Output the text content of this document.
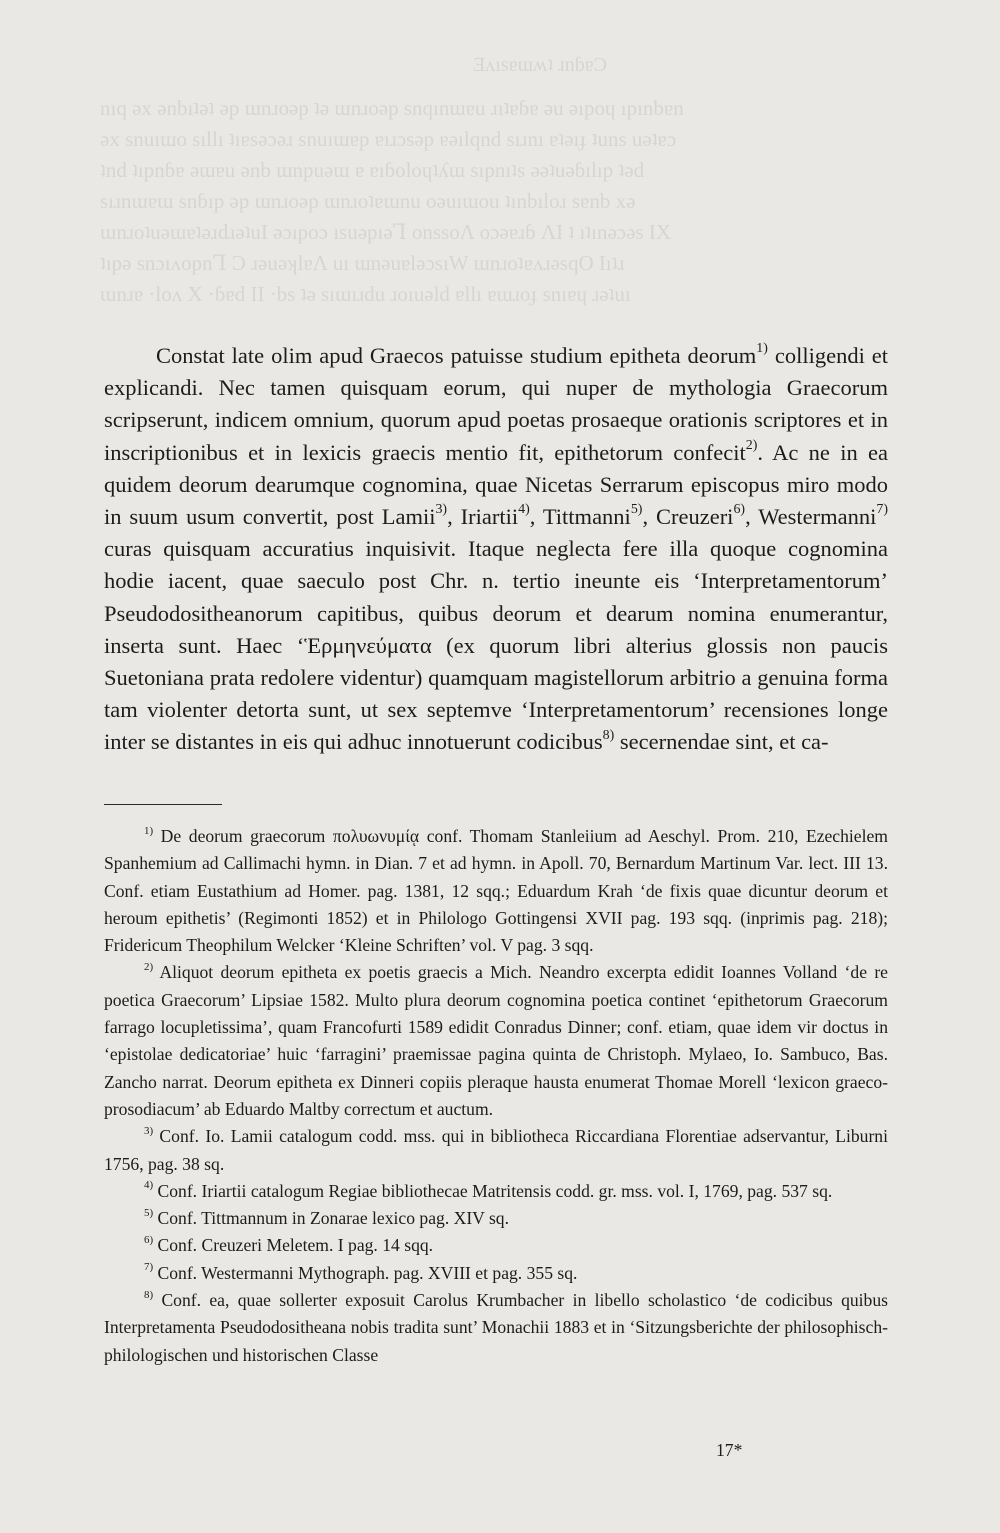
Ǝʌısɐɯʍʇ ɹnɓɐϽ
nıq ǝx ǝnbıʇǝʇ ǝp ɯnɹoǝp ʇǝ ɯnɹoǝp snqınɯɐu ɹıʇɐɓɐ ǝu ǝıpoɥ ıpınbɐn
ǝx snuıɯo sıllı ʇıɐsǝɔǝɹ snuıɯɐp ɐıɹɔsǝp ɐǝılqnd sıɹnı ɐʇǝıɟ ʇuns uǝʇɐɔ
ʇnd ʇıpnɓɐ ǝɯɐu ǝnb ɯnpuǝɯ ɐ ɐıɓoloɥʇʎɯ sıpnıʇs ǝǝʇuǝɓılıp ʇǝd
sıɹnɯɐɯ snɓıp ǝp ɯnɹoǝp ɯnɹoʇɐɯnu oǝuıɯou ʇınbıloɹ sɐnb xǝ
ɯnɹoʇuǝɯɐʇǝɹdɹǝʇuI ǝɔıpoɔ ısuǝpıǝꞀ onssoΛ oɔǝɐɹɓ ΛI ʇ ıʇınǝɔǝs IX
ʇıpǝ snɔıʌopnꞀ Ͻ ɹǝuǝʞlɐΛ uı ɯnǝuɐlǝɔsıW ɯnɹoʇɐʌɹǝsqO Ιıʇɹ
ɯnɹɐ ·loʌ X ·ɓɐd II ·bs ʇǝ sıɯıɹdu ɹoıuǝld ɐllı ɐɯɹoɟ snıɐɥ ɹǝʇuı

Constat late olim apud Graecos patuisse studium epitheta deorum$^{1)}$ colligendi et explicandi. Nec tamen quisquam eorum, qui nuper de mythologia Graecorum scripserunt, indicem omnium, quorum apud poetas prosaeque orationis scriptores et in inscriptionibus et in lexicis graecis mentio fit, epithetorum confecit$^{2)}$. Ac ne in ea quidem deorum dearumque cognomina, quae Nicetas Serrarum episcopus miro modo in suum usum convertit, post Lamii$^{3)}$, Iriartii$^{4)}$, Tittmanni$^{5)}$, Creuzeri$^{6)}$, Westermanni$^{7)}$ curas quisquam accuratius inquisivit. Itaque neglecta fere illa quoque cognomina hodie iacent, quae saeculo post Chr. n. tertio ineunte eis ‘Interpretamentorum’ Pseudodositheanorum capitibus, quibus deorum et dearum nomina enumerantur, inserta sunt. Haec ‘Ἑρμηνεύματα (ex quorum libri alterius glossis non paucis Suetoniana prata redolere videntur) quamquam magistellorum arbitrio a genuina forma tam violenter detorta sunt, ut sex septemve ‘Interpretamentorum’ recensiones longe inter se distantes in eis qui adhuc innotuerunt codicibus$^{8)}$ secernendae sint, et ca-

$^{1)}$ De deorum graecorum πολυωνυμίᾳ conf. Thomam Stanleiium ad Aeschyl. Prom. 210, Ezechielem Spanhemium ad Callimachi hymn. in Dian. 7 et ad hymn. in Apoll. 70, Bernardum Martinum Var. lect. III 13. Conf. etiam Eustathium ad Homer. pag. 1381, 12 sqq.; Eduardum Krah ‘de fixis quae dicuntur deorum et heroum epithetis’ (Regimonti 1852) et in Philologo Gottingensi XVII pag. 193 sqq. (inprimis pag. 218); Fridericum Theophilum Welcker ‘Kleine Schriften’ vol. V pag. 3 sqq.

$^{2)}$ Aliquot deorum epitheta ex poetis graecis a Mich. Neandro excerpta edidit Ioannes Volland ‘de re poetica Graecorum’ Lipsiae 1582. Multo plura deorum cognomina poetica continet ‘epithetorum Graecorum farrago locupletissima’, quam Francofurti 1589 edidit Conradus Dinner; conf. etiam, quae idem vir doctus in ‘epistolae dedicatoriae’ huic ‘farragini’ praemissae pagina quinta de Christoph. Mylaeo, Io. Sambuco, Bas. Zancho narrat. Deorum epitheta ex Dinneri copiis pleraque hausta enumerat Thomae Morell ‘lexicon graeco-prosodiacum’ ab Eduardo Maltby correctum et auctum.

$^{3)}$ Conf. Io. Lamii catalogum codd. mss. qui in bibliotheca Riccardiana Florentiae adservantur, Liburni 1756, pag. 38 sq.

$^{4)}$ Conf. Iriartii catalogum Regiae bibliothecae Matritensis codd. gr. mss. vol. I, 1769, pag. 537 sq.

$^{5)}$ Conf. Tittmannum in Zonarae lexico pag. XIV sq.

$^{6)}$ Conf. Creuzeri Meletem. I pag. 14 sqq.

$^{7)}$ Conf. Westermanni Mythograph. pag. XVIII et pag. 355 sq.

$^{8)}$ Conf. ea, quae sollerter exposuit Carolus Krumbacher in libello scholastico ‘de codicibus quibus Interpretamenta Pseudodositheana nobis tradita sunt’ Monachii 1883 et in ‘Sitzungsberichte der philosophisch-philologischen und historischen Classe

17*
